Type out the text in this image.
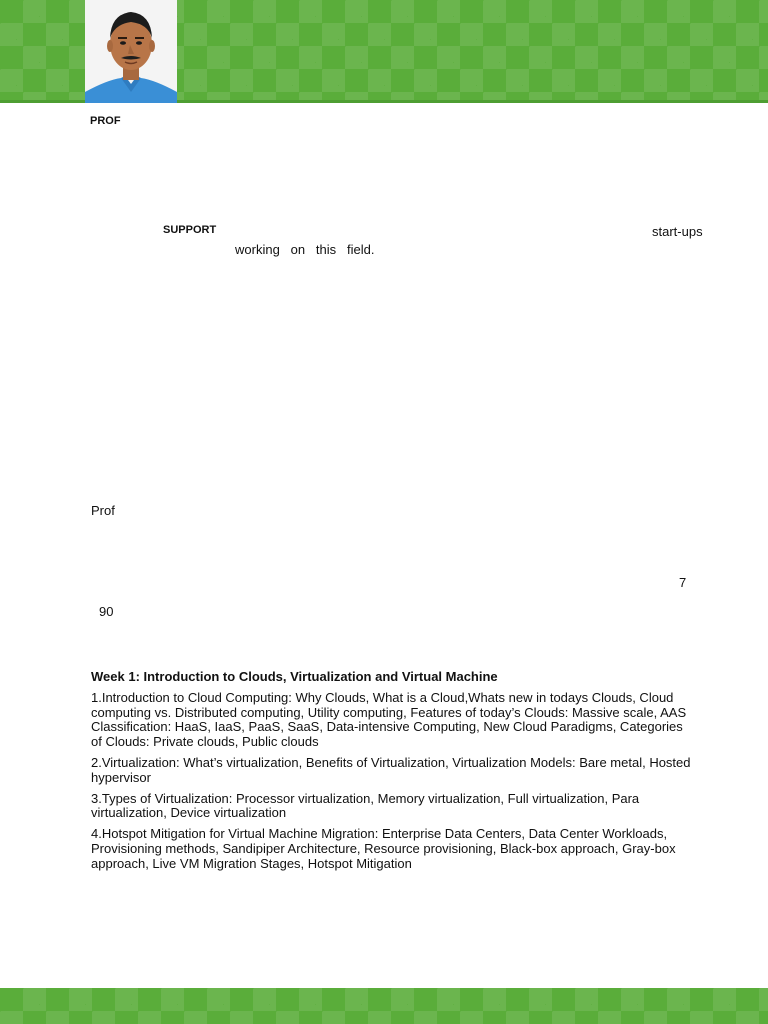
PROF
SUPPORT	start-ups
working   on   this   field.
Prof
7
90

Week 1: Introduction to Clouds, Virtualization and Virtual Machine

1.Introduction to Cloud Computing: Why Clouds, What is a Cloud,Whats new in todays Clouds, Cloud computing vs. Distributed computing, Utility computing, Features of today’s Clouds: Massive scale, AAS Classification: HaaS, IaaS, PaaS, SaaS, Data-intensive Computing, New Cloud Paradigms, Categories of Clouds: Private clouds, Public clouds

2.Virtualization: What’s virtualization, Benefits of Virtualization, Virtualization Models: Bare metal, Hosted hypervisor

3.Types of Virtualization: Processor virtualization, Memory virtualization, Full virtualization, Para virtualization, Device virtualization

4.Hotspot Mitigation for Virtual Machine Migration: Enterprise Data Centers, Data Center Workloads, Provisioning methods, Sandipiper Architecture, Resource provisioning, Black-box approach, Gray-box approach, Live VM Migration Stages, Hotspot Mitigation
